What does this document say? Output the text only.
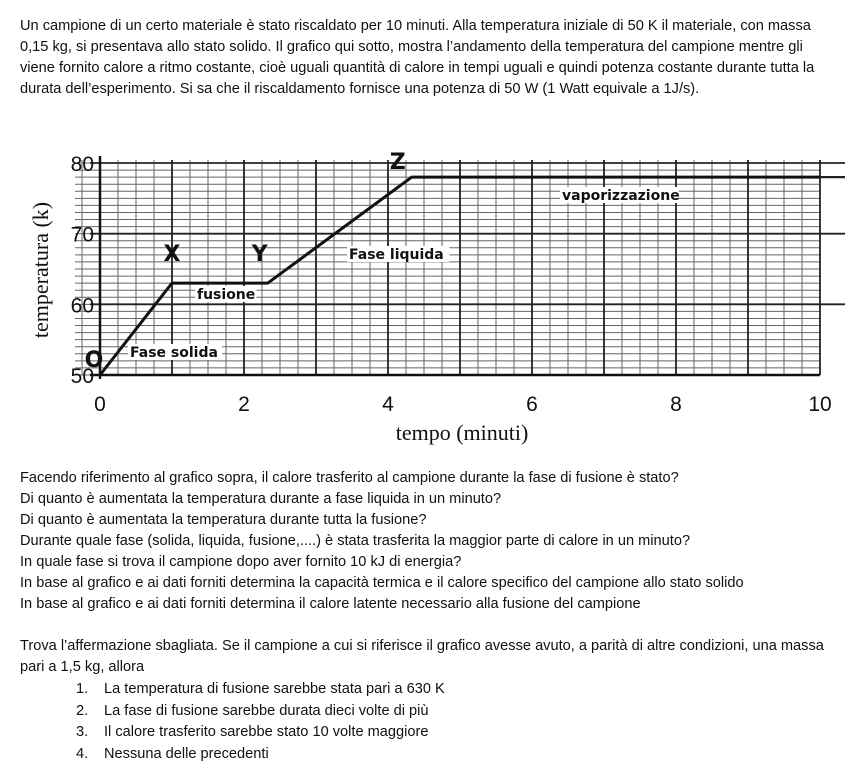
Un campione di un certo materiale è stato riscaldato per 10 minuti. Alla temperatura iniziale di 50 K il materiale, con massa 0,15 kg, si presentava allo stato solido. Il grafico qui sotto, mostra l’andamento della temperatura del campione mentre gli viene fornito calore a ritmo costante, cioè uguali quantità di calore in tempi uguali e quindi potenza costante durante tutta la durata dell’esperimento. Si sa che il riscaldamento fornisce una potenza di 50 W (1 Watt equivale a 1J/s).

0	2	4	6	8	10
50
60
70
80
O
X	Y
Z
Fase solida
fusione
Fase liquida
vaporizzazione
tempo (minuti)
temperatura (k)

Facendo riferimento al grafico sopra, il calore trasferito al campione durante la fase di fusione è stato?
Di quanto è aumentata la temperatura durante a fase liquida in un minuto?
Di quanto è aumentata la temperatura durante tutta la fusione?
Durante quale fase (solida, liquida, fusione,....) è stata trasferita la maggior parte di calore in un minuto?
In quale fase si trova il campione dopo aver fornito 10 kJ di energia?
In base al grafico e ai dati forniti determina la capacità termica e il calore specifico del campione allo stato solido
In base al grafico e ai dati forniti determina il calore latente necessario alla fusione del campione

Trova l’affermazione sbagliata. Se il campione a cui si riferisce il grafico avesse avuto, a parità di altre condizioni, una massa pari a 1,5 kg, allora

1. La temperatura di fusione sarebbe stata pari a 630 K
2. La fase di fusione sarebbe durata dieci volte di più
3. Il calore trasferito sarebbe stato 10 volte maggiore
4. Nessuna delle precedenti
